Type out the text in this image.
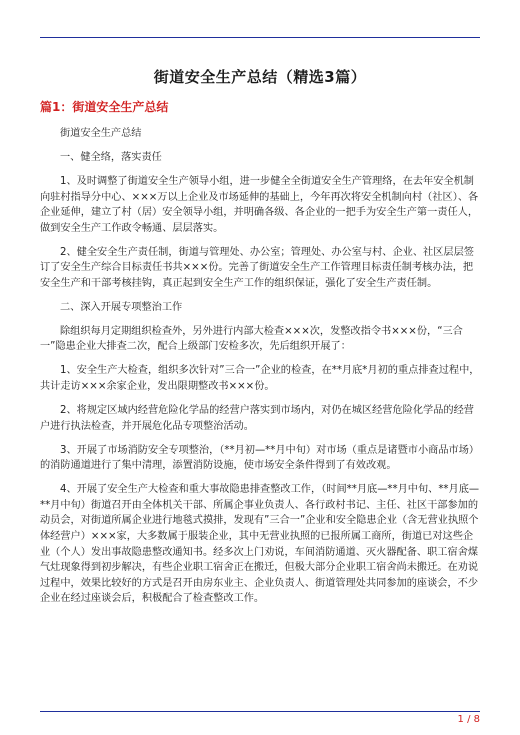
街道安全生产总结（精选3篇）
篇1：街道安全生产总结

街道安全生产总结

一、健全络，落实责任

1、及时调整了街道安全生产领导小组，进一步健全全街道安全生产管理络，在去年安全机制向驻村指导分中心、×××万以上企业及市场延伸的基础上，今年再次将安全机制向村（社区）、各企业延伸，建立了村（居）安全领导小组，并明确各级、各企业的一把手为安全生产第一责任人，做到安全生产工作政令畅通、层层落实。

2、健全安全生产责任制，街道与管理处、办公室；管理处、办公室与村、企业、社区层层签订了安全生产综合目标责任书共×××份。完善了街道安全生产工作管理目标责任制考核办法，把安全生产和干部考核挂钩，真正起到安全生产工作的组织保证，强化了安全生产责任制。

二、深入开展专项整治工作

除组织每月定期组织检查外，另外进行内部大检查×××次，发整改指令书×××份，“三合一”隐患企业大排查二次，配合上级部门安检多次，先后组织开展了：

1、安全生产大检查，组织多次针对”三合一”企业的检查，在**月底*月初的重点排查过程中，共计走访×××余家企业，发出限期整改书×××份。

2、将规定区域内经营危险化学品的经营户落实到市场内，对仍在城区经营危险化学品的经营户进行执法检查，并开展危化品专项整治活动。

3、开展了市场消防安全专项整治，（**月初—**月中旬）对市场（重点是诸暨市小商品市场）的消防通道进行了集中清理，添置消防设施，使市场安全条件得到了有效改观。

4、开展了安全生产大检查和重大事故隐患排查整改工作，（时间**月底—**月中旬、**月底—**月中旬）街道召开由全体机关干部、所属企事业负责人、各行政村书记、主任、社区干部参加的动员会，对街道所属企业进行地毯式摸排，发现有”三合一”企业和安全隐患企业（含无营业执照个体经营户）×××家，大多数属于服装企业，其中无营业执照的已报所属工商所，街道已对这些企业（个人）发出事故隐患整改通知书。经多次上门劝说，车间消防通道、灭火器配备、职工宿舍煤气灶现象得到初步解决，有些企业职工宿舍正在搬迁，但极大部分企业职工宿舍尚未搬迁。在劝说过程中，效果比较好的方式是召开由房东业主、企业负责人、街道管理处共同参加的座谈会，不少企业在经过座谈会后，积极配合了检查整改工作。

1 / 8
